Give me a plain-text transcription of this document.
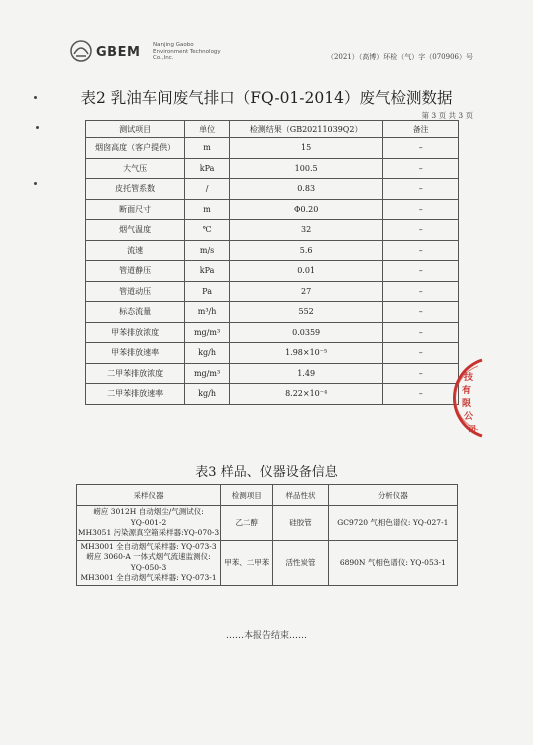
GBEM Nanjing Gaobo
Environment Technology
Co.,Inc.	（2021）（高博）环检（气）字（070906）号
表2 乳油车间废气排口（FQ-01-2014）废气检测数据
第 3 页 共 3 页
测试项目	单位	检测结果（GB20211039Q2）	备注
烟囱高度（客户提供）	m	15	–
大气压	kPa	100.5	–
皮托管系数	/	0.83	–
断面尺寸	m	Φ0.20	–
烟气温度	℃	32	–
流速	m/s	5.6	–
管道静压	kPa	0.01	–
管道动压	Pa	27	–
标态流量	m³/h	552	–
甲苯排放浓度	mg/m³	0.0359	–
甲苯排放速率	kg/h	1.98×10⁻⁵	–
二甲苯排放浓度	mg/m³	1.49	–
二甲苯排放速率	kg/h	8.22×10⁻⁴	–
表3 样品、仪器设备信息
采样仪器	检测项目	样品性状	分析仪器

崂应 3012H 自动烟尘/气测试仪:
YQ-001-2
MH3051 污染源真空箱采样器:YQ-070-3	乙二醇	硅胶管	GC9720 气相色谱仪: YQ-027-1

MH3001 全自动烟气采样器: YQ-073-3
崂应 3060-A 一体式烟气流速监测仪:
YQ-050-3
MH3001 全自动烟气采样器: YQ-073-1	甲苯、二甲苯	活性炭管	6890N 气相色谱仪: YQ-053-1
……本报告结束……
技
有
限
公
司
